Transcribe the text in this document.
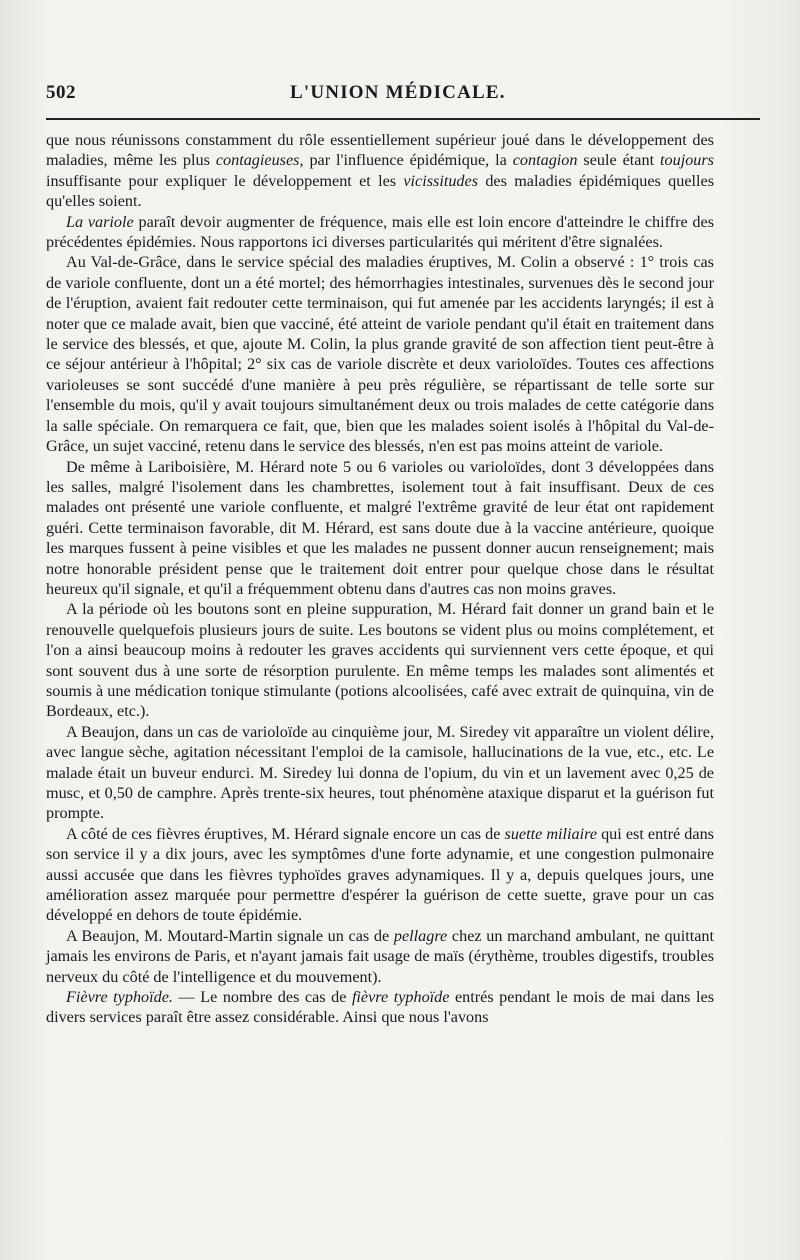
502	L'UNION MÉDICALE.

que nous réunissons constamment du rôle essentiellement supérieur joué dans le développement des maladies, même les plus contagieuses, par l'influence épidémique, la contagion seule étant toujours insuffisante pour expliquer le développement et les vicissitudes des maladies épidémiques quelles qu'elles soient.

La variole paraît devoir augmenter de fréquence, mais elle est loin encore d'atteindre le chiffre des précédentes épidémies. Nous rapportons ici diverses particularités qui méritent d'être signalées.

Au Val-de-Grâce, dans le service spécial des maladies éruptives, M. Colin a observé : 1° trois cas de variole confluente, dont un a été mortel; des hémorrhagies intestinales, survenues dès le second jour de l'éruption, avaient fait redouter cette terminaison, qui fut amenée par les accidents laryngés; il est à noter que ce malade avait, bien que vacciné, été atteint de variole pendant qu'il était en traitement dans le service des blessés, et que, ajoute M. Colin, la plus grande gravité de son affection tient peut-être à ce séjour antérieur à l'hôpital; 2° six cas de variole discrète et deux varioloïdes. Toutes ces affections varioleuses se sont succédé d'une manière à peu près régulière, se répartissant de telle sorte sur l'ensemble du mois, qu'il y avait toujours simultanément deux ou trois malades de cette catégorie dans la salle spéciale. On remarquera ce fait, que, bien que les malades soient isolés à l'hôpital du Val-de-Grâce, un sujet vacciné, retenu dans le service des blessés, n'en est pas moins atteint de variole.

De même à Lariboisière, M. Hérard note 5 ou 6 varioles ou varioloïdes, dont 3 développées dans les salles, malgré l'isolement dans les chambrettes, isolement tout à fait insuffisant. Deux de ces malades ont présenté une variole confluente, et malgré l'extrême gravité de leur état ont rapidement guéri. Cette terminaison favorable, dit M. Hérard, est sans doute due à la vaccine antérieure, quoique les marques fussent à peine visibles et que les malades ne pussent donner aucun renseignement; mais notre honorable président pense que le traitement doit entrer pour quelque chose dans le résultat heureux qu'il signale, et qu'il a fréquemment obtenu dans d'autres cas non moins graves.

A la période où les boutons sont en pleine suppuration, M. Hérard fait donner un grand bain et le renouvelle quelquefois plusieurs jours de suite. Les boutons se vident plus ou moins complétement, et l'on a ainsi beaucoup moins à redouter les graves accidents qui surviennent vers cette époque, et qui sont souvent dus à une sorte de résorption purulente. En même temps les malades sont alimentés et soumis à une médication tonique stimulante (potions alcoolisées, café avec extrait de quinquina, vin de Bordeaux, etc.).

A Beaujon, dans un cas de varioloïde au cinquième jour, M. Siredey vit apparaître un violent délire, avec langue sèche, agitation nécessitant l'emploi de la camisole, hallucinations de la vue, etc., etc. Le malade était un buveur endurci. M. Siredey lui donna de l'opium, du vin et un lavement avec 0,25 de musc, et 0,50 de camphre. Après trente-six heures, tout phénomène ataxique disparut et la guérison fut prompte.

A côté de ces fièvres éruptives, M. Hérard signale encore un cas de suette miliaire qui est entré dans son service il y a dix jours, avec les symptômes d'une forte adynamie, et une congestion pulmonaire aussi accusée que dans les fièvres typhoïdes graves adynamiques. Il y a, depuis quelques jours, une amélioration assez marquée pour permettre d'espérer la guérison de cette suette, grave pour un cas développé en dehors de toute épidémie.

A Beaujon, M. Moutard-Martin signale un cas de pellagre chez un marchand ambulant, ne quittant jamais les environs de Paris, et n'ayant jamais fait usage de maïs (érythème, troubles digestifs, troubles nerveux du côté de l'intelligence et du mouvement).

Fièvre typhoïde. — Le nombre des cas de fièvre typhoïde entrés pendant le mois de mai dans les divers services paraît être assez considérable. Ainsi que nous l'avons
